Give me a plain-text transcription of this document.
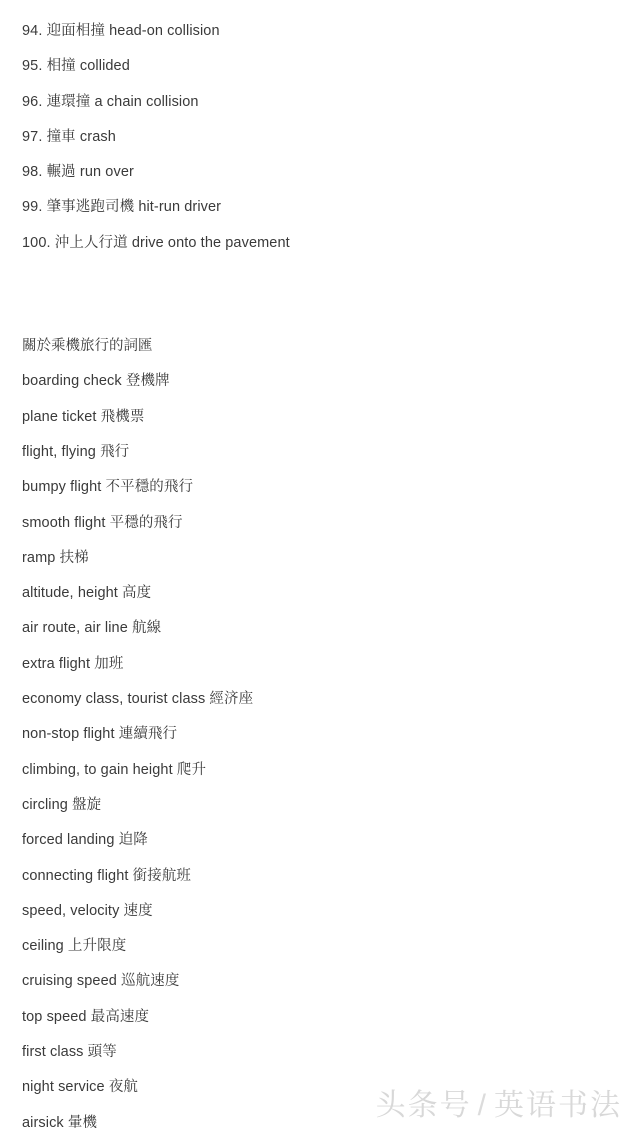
94. 迎面相撞 head-on collision
95. 相撞 collided
96. 連環撞 a chain collision
97. 撞車 crash
98. 輾過 run over
99. 肇事逃跑司機 hit-run driver
100. 沖上人行道 drive onto the pavement
關於乘機旅行的詞匯
boarding check 登機牌
plane ticket 飛機票
flight, flying 飛行
bumpy flight 不平穩的飛行
smooth flight 平穩的飛行
ramp 扶梯
altitude, height 高度
air route, air line 航線
extra flight 加班
economy class, tourist class 經济座
non-stop flight 連續飛行
climbing, to gain height 爬升
circling 盤旋
forced landing 迫降
connecting flight 銜接航班
speed, velocity 速度
ceiling 上升限度
cruising speed 巡航速度
top speed 最高速度
first class 頭等
night service 夜航
airsick 暈機
头条号 / 英语书法
